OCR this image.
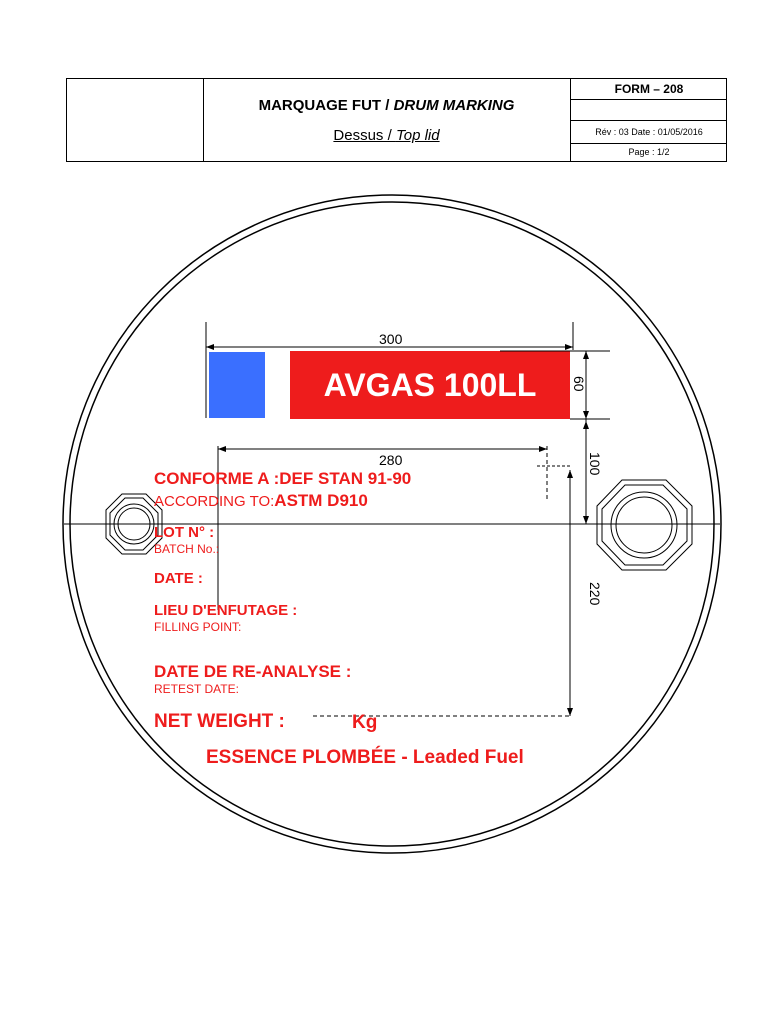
MARQUAGE FUT / DRUM MARKING
Dessus / Top lid
FORM – 208
Rév : 03 Date : 01/05/2016
Page : 1/2
300
280
60
100
220
AVGAS 100LL
CONFORME A :DEF STAN 91-90
ACCORDING TO:ASTM D910
LOT N° :
BATCH No.:
DATE :
LIEU D'ENFUTAGE :
FILLING POINT:
DATE DE RE-ANALYSE :
RETEST DATE:
NET WEIGHT :	Kg
ESSENCE PLOMBÉE - Leaded Fuel
